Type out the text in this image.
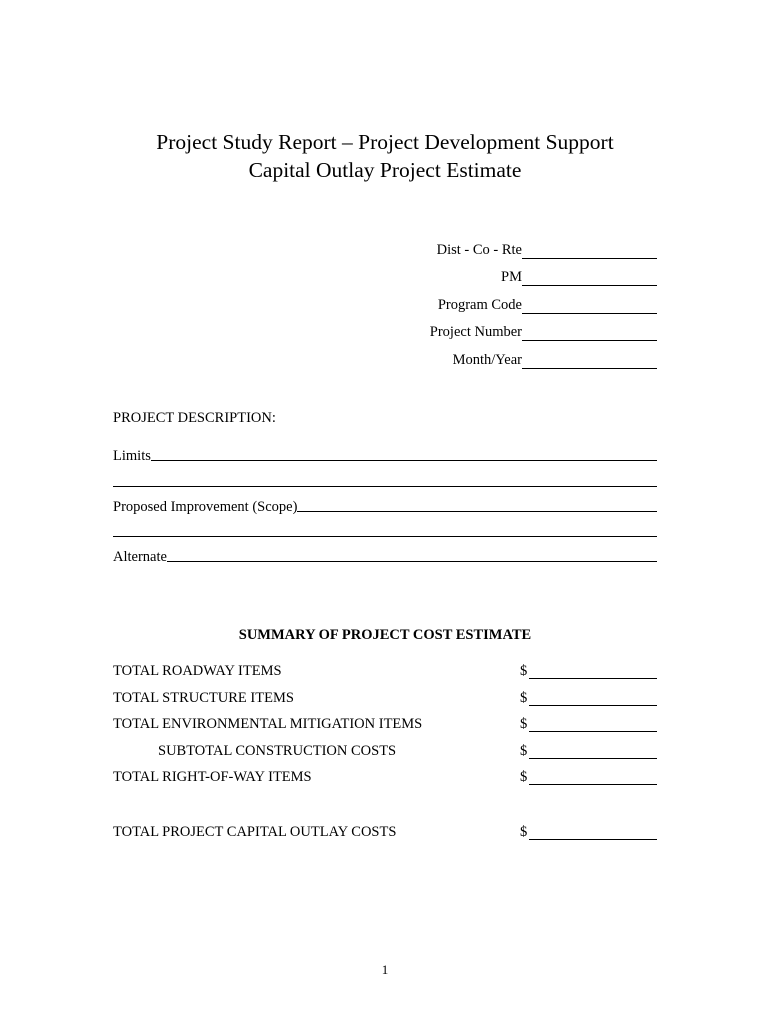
Project Study Report – Project Development Support
Capital Outlay Project Estimate
Dist - Co - Rte
PM
Program Code
Project Number
Month/Year
PROJECT DESCRIPTION:
Limits
Proposed Improvement (Scope)
Alternate
SUMMARY OF PROJECT COST ESTIMATE
TOTAL ROADWAY ITEMS	$
TOTAL STRUCTURE ITEMS	$
TOTAL ENVIRONMENTAL MITIGATION ITEMS	$
SUBTOTAL CONSTRUCTION COSTS	$
TOTAL RIGHT-OF-WAY ITEMS	$
TOTAL PROJECT CAPITAL OUTLAY COSTS	$
1
